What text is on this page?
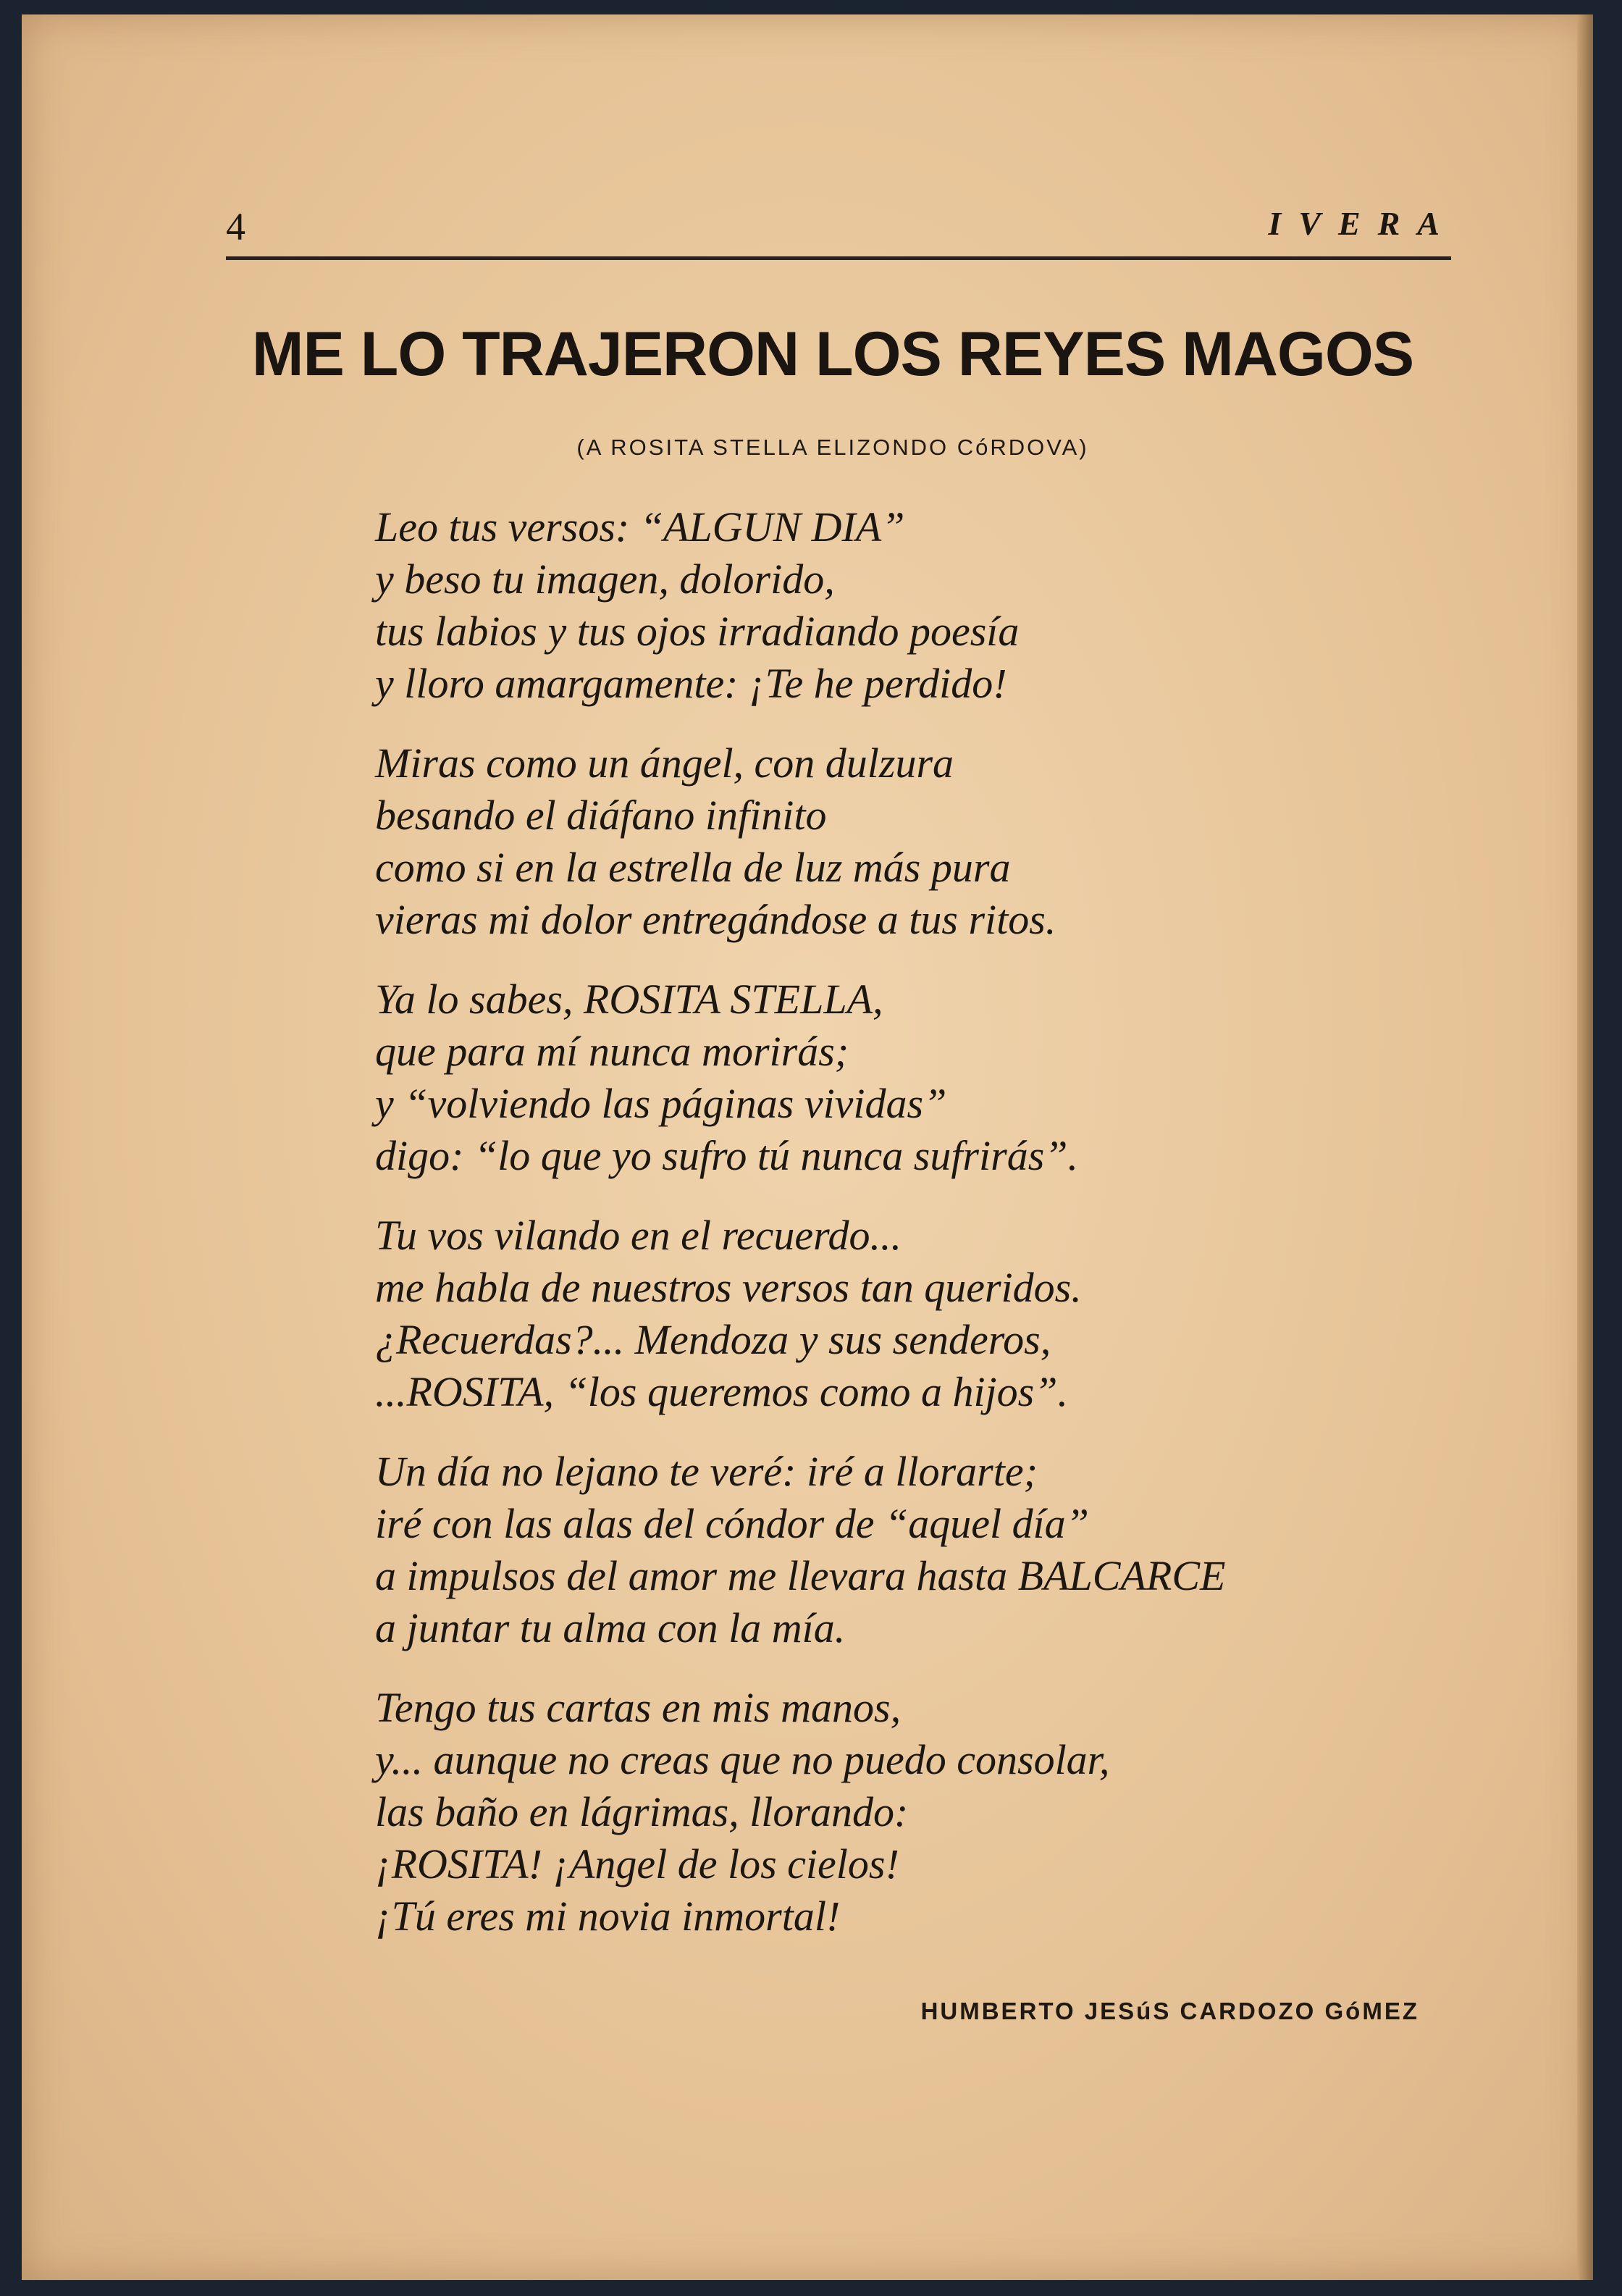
4	IVERA
ME LO TRAJERON LOS REYES MAGOS
(A ROSITA STELLA ELIZONDO CóRDOVA)
Leo tus versos: “ALGUN DIA”
y beso tu imagen, dolorido,
tus labios y tus ojos irradiando poesía
y lloro amargamente: ¡Te he perdido!
Miras como un ángel, con dulzura
besando el diáfano infinito
como si en la estrella de luz más pura
vieras mi dolor entregándose a tus ritos.
Ya lo sabes, ROSITA STELLA,
que para mí nunca morirás;
y “volviendo las páginas vividas”
digo: “lo que yo sufro tú nunca sufrirás”.
Tu vos vilando en el recuerdo...
me habla de nuestros versos tan queridos.
¿Recuerdas?... Mendoza y sus senderos,
...ROSITA, “los queremos como a hijos”.
Un día no lejano te veré: iré a llorarte;
iré con las alas del cóndor de “aquel día”
a impulsos del amor me llevara hasta BALCARCE
a juntar tu alma con la mía.
Tengo tus cartas en mis manos,
y... aunque no creas que no puedo consolar,
las baño en lágrimas, llorando:
¡ROSITA! ¡Angel de los cielos!
¡Tú eres mi novia inmortal!
HUMBERTO JESúS CARDOZO GóMEZ
